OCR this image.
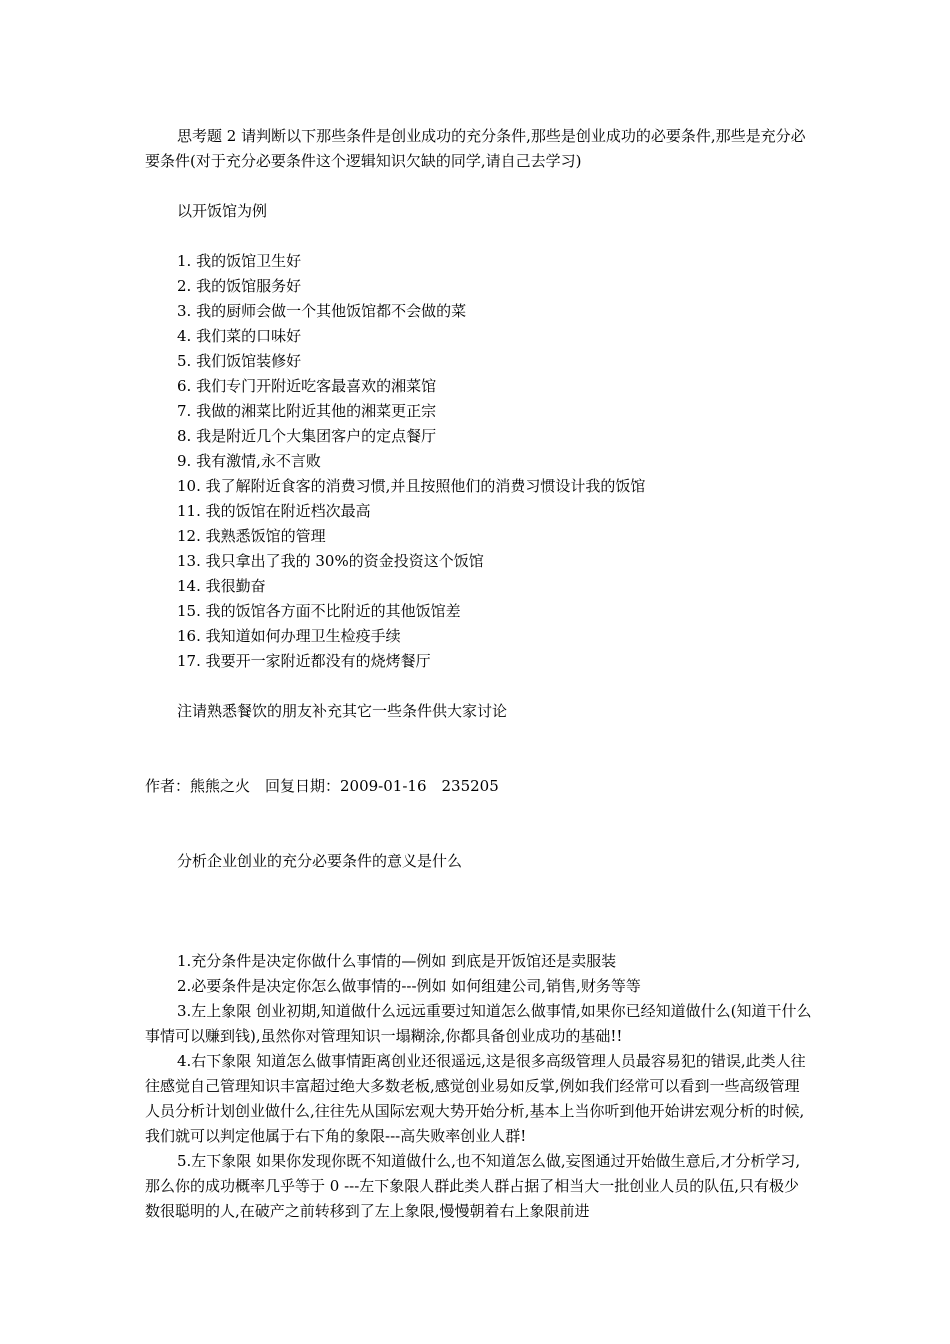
思考题 2 请判断以下那些条件是创业成功的充分条件,那些是创业成功的必要条件,那些是充分必要条件(对于充分必要条件这个逻辑知识欠缺的同学,请自己去学习)

以开饭馆为例

1. 我的饭馆卫生好

2. 我的饭馆服务好

3. 我的厨师会做一个其他饭馆都不会做的菜

4. 我们菜的口味好

5. 我们饭馆装修好

6. 我们专门开附近吃客最喜欢的湘菜馆

7. 我做的湘菜比附近其他的湘菜更正宗

8. 我是附近几个大集团客户的定点餐厅

9. 我有激情,永不言败

10. 我了解附近食客的消费习惯,并且按照他们的消费习惯设计我的饭馆

11. 我的饭馆在附近档次最高

12. 我熟悉饭馆的管理

13. 我只拿出了我的 30%的资金投资这个饭馆

14. 我很勤奋

15. 我的饭馆各方面不比附近的其他饭馆差

16. 我知道如何办理卫生检疫手续

17. 我要开一家附近都没有的烧烤餐厅

注请熟悉餐饮的朋友补充其它一些条件供大家讨论

作者：熊熊之火　回复日期：2009-01-16　235205

分析企业创业的充分必要条件的意义是什么

1.充分条件是决定你做什么事情的—例如 到底是开饭馆还是卖服装

2.必要条件是决定你怎么做事情的---例如 如何组建公司,销售,财务等等

3.左上象限 创业初期,知道做什么远远重要过知道怎么做事情,如果你已经知道做什么(知道干什么事情可以赚到钱),虽然你对管理知识一塌糊涂,你都具备创业成功的基础!!

4.右下象限 知道怎么做事情距离创业还很遥远,这是很多高级管理人员最容易犯的错误,此类人往往感觉自己管理知识丰富超过绝大多数老板,感觉创业易如反掌,例如我们经常可以看到一些高级管理人员分析计划创业做什么,往往先从国际宏观大势开始分析,基本上当你听到他开始讲宏观分析的时候,我们就可以判定他属于右下角的象限---高失败率创业人群!

5.左下象限 如果你发现你既不知道做什么,也不知道怎么做,妄图通过开始做生意后,才分析学习,那么你的成功概率几乎等于 0 ---左下象限人群此类人群占据了相当大一批创业人员的队伍,只有极少数很聪明的人,在破产之前转移到了左上象限,慢慢朝着右上象限前进
